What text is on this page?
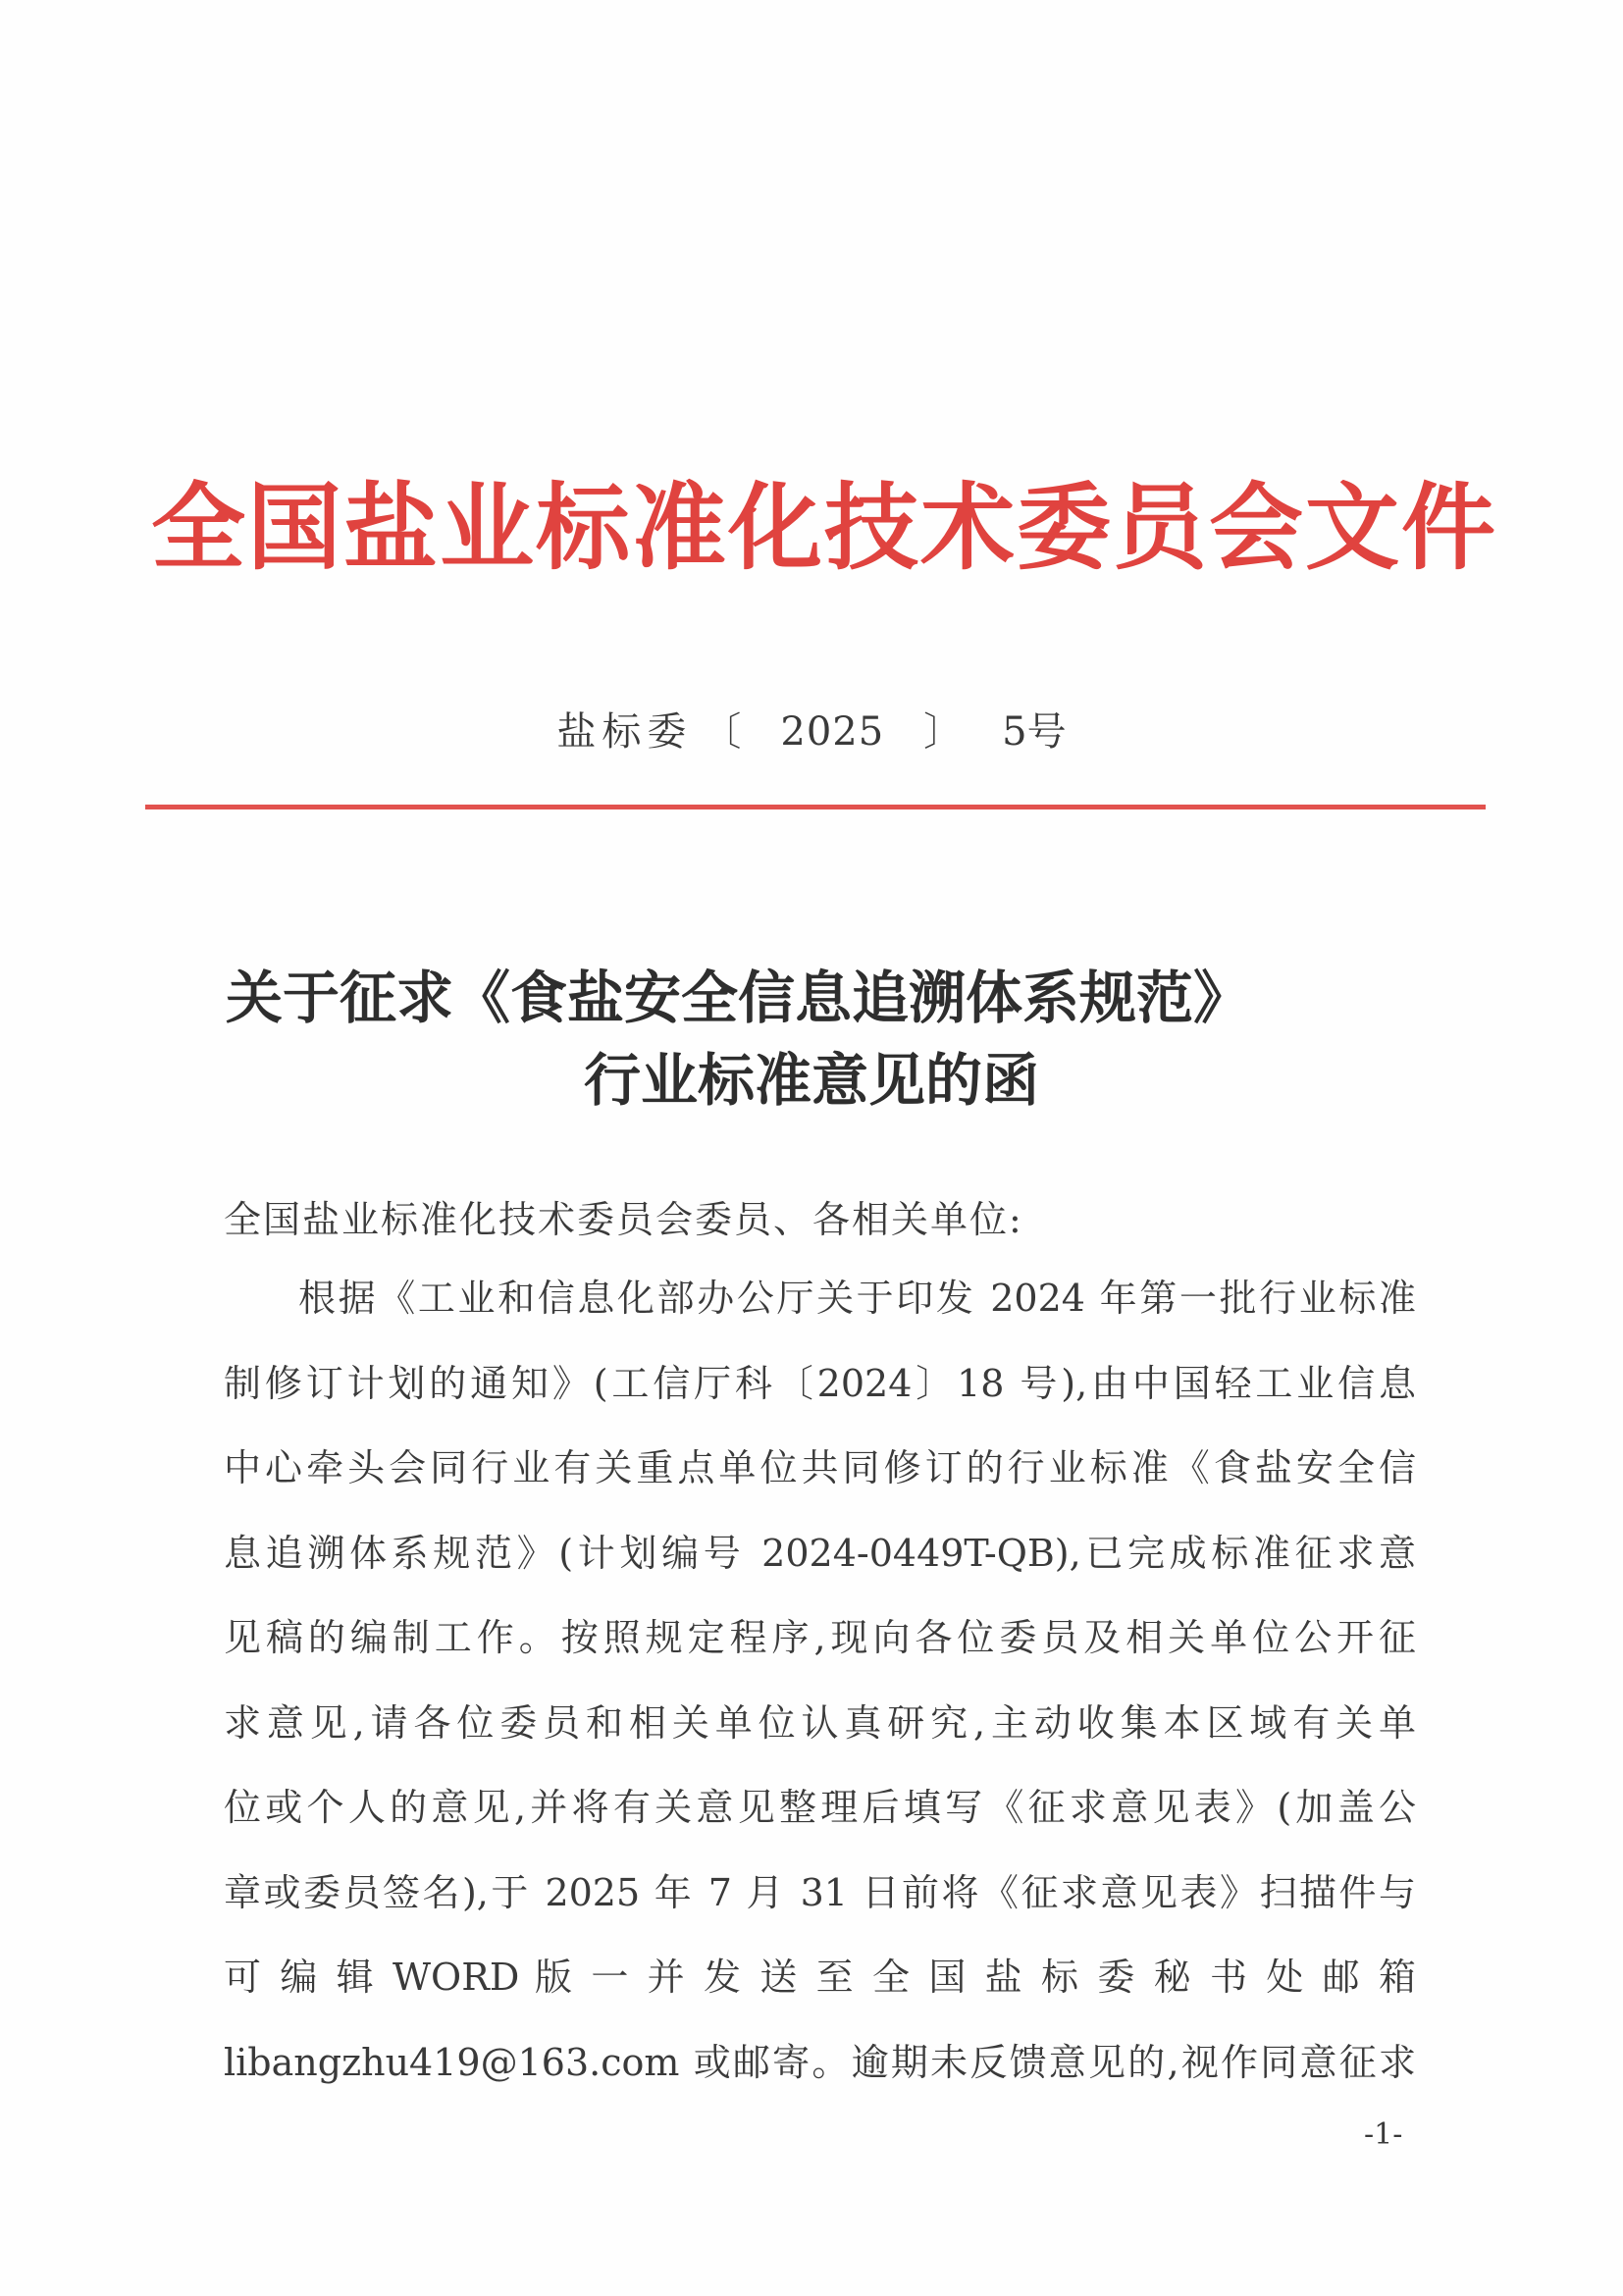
全国盐业标准化技术委员会文件
盐标委 〔 2025 〕 5号
关于征求《食盐安全信息追溯体系规范》
行业标准意见的函
全国盐业标准化技术委员会委员、各相关单位:
根据《工业和信息化部办公厅关于印发 2024 年第一批行业标准
制修订计划的通知》(工信厅科〔2024〕18 号),由中国轻工业信息
中心牵头会同行业有关重点单位共同修订的行业标准《食盐安全信
息追溯体系规范》(计划编号 2024-0449T-QB),已完成标准征求意
见稿的编制工作。按照规定程序,现向各位委员及相关单位公开征
求意见,请各位委员和相关单位认真研究,主动收集本区域有关单
位或个人的意见,并将有关意见整理后填写《征求意见表》(加盖公
章或委员签名),于 2025 年 7 月 31 日前将《征求意见表》扫描件与
可 编 辑 WORD 版 一 并 发 送 至 全 国 盐 标 委 秘 书 处 邮 箱
libangzhu419@163.com 或邮寄。逾期未反馈意见的,视作同意征求
-1-
